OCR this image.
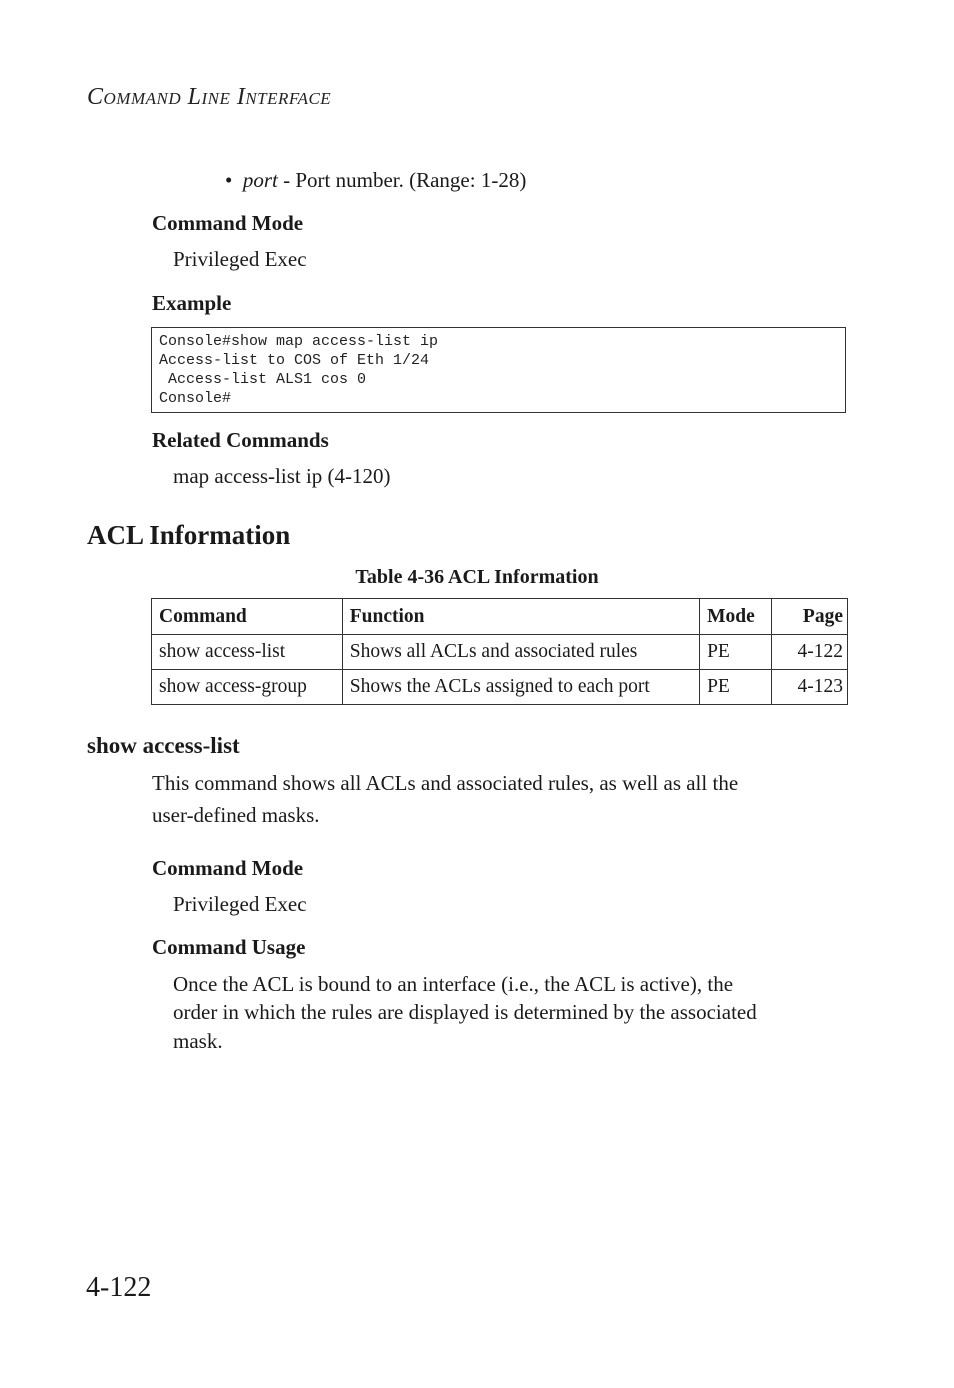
Command Line Interface
• port - Port number. (Range: 1-28)
Command Mode
Privileged Exec
Example
Console#show map access-list ip
Access-list to COS of Eth 1/24
Access-list ALS1 cos 0
Console#
Related Commands
map access-list ip (4-120)
ACL Information
Table 4-36 ACL Information
Command	Function	Mode	Page
show access-list	Shows all ACLs and associated rules	PE	4-122
show access-group	Shows the ACLs assigned to each port	PE	4-123
show access-list
This command shows all ACLs and associated rules, as well as all the
user-defined masks.
Command Mode
Privileged Exec
Command Usage
Once the ACL is bound to an interface (i.e., the ACL is active), the
order in which the rules are displayed is determined by the associated
mask.
4-122
